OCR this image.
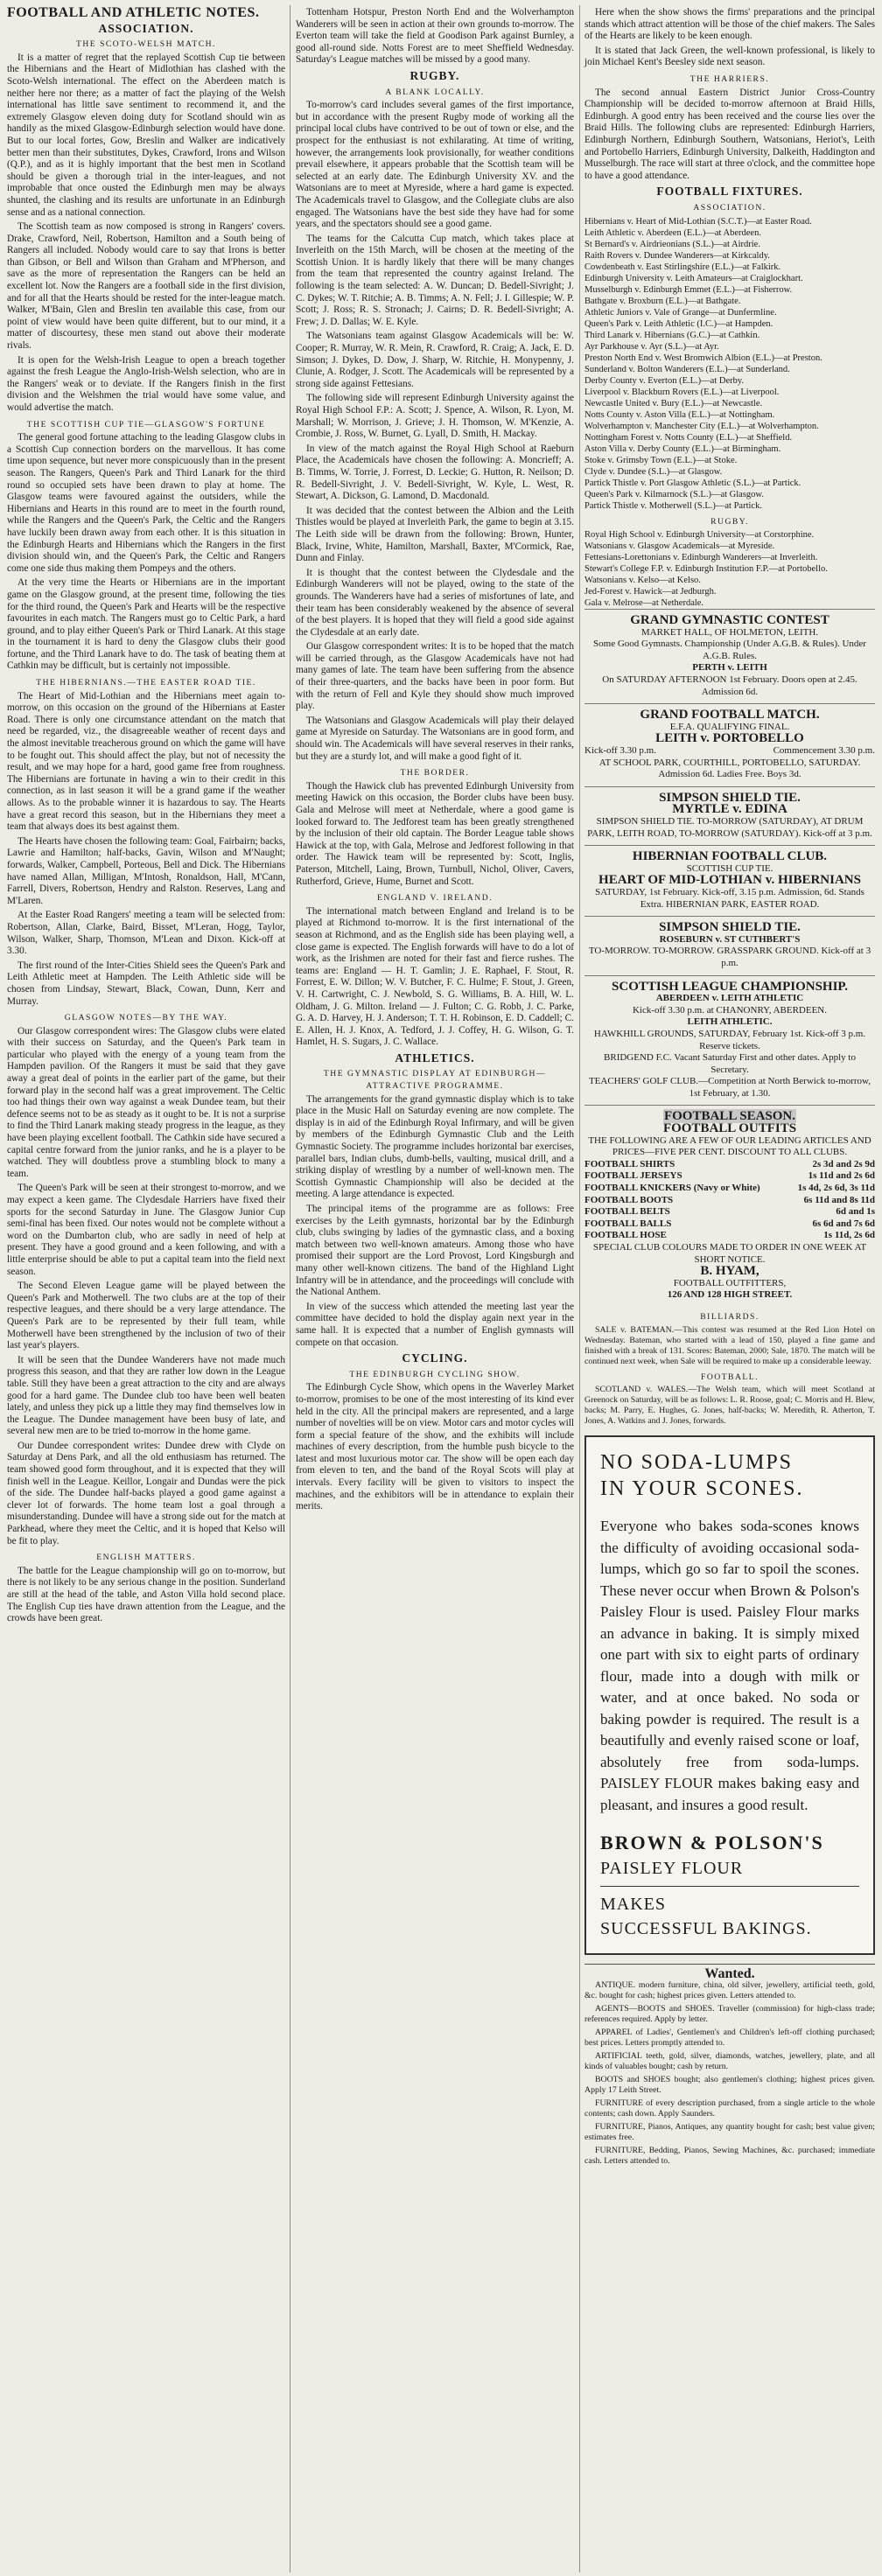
FOOTBALL AND ATHLETIC NOTES.
ASSOCIATION.
THE SCOTO-WELSH MATCH.

It is a matter of regret that the replayed Scottish Cup tie between the Hibernians and the Heart of Midlothian has clashed with the Scoto-Welsh international. The effect on the Aberdeen match is neither here nor there; as a matter of fact the playing of the Welsh international has little save sentiment to recommend it, and the extremely Glasgow eleven doing duty for Scotland should win as handily as the mixed Glasgow-Edinburgh selection would have done. But to our local fortes, Gow, Breslin and Walker are indicatively better men than their substitutes, Dykes, Crawford, Irons and Wilson (Q.P.), and as it is highly important that the best men in Scotland should be given a thorough trial in the inter-leagues, and not improbable that once ousted the Edinburgh men may be always shunted, the clashing and its results are unfortunate in an Edinburgh sense and as a national connection.

The Scottish team as now composed is strong in Rangers' covers. Drake, Crawford, Neil, Robertson, Hamilton and a South being of Rangers all included. Nobody would care to say that Irons is better than Gibson, or Bell and Wilson than Graham and M'Pherson, and save as the more of representation the Rangers can be held an excellent lot. Now the Rangers are a football side in the first division, and for all that the Hearts should be rested for the inter-league match. Walker, M'Bain, Glen and Breslin ten available this case, from our point of view would have been quite different, but to our mind, it a matter of discourtesy, these men stand out above their moderate rivals.

It is open for the Welsh-Irish League to open a breach together against the fresh League the Anglo-Irish-Welsh selection, who are in the Rangers' weak or to deviate. If the Rangers finish in the first division and the Welshmen the trial would have some value, and would advertise the match.

THE SCOTTISH CUP TIE—GLASGOW'S FORTUNE

The general good fortune attaching to the leading Glasgow clubs in a Scottish Cup connection borders on the marvellous. It has come time upon sequence, but never more conspicuously than in the present season. The Rangers, Queen's Park and Third Lanark for the third round so occupied sets have been drawn to play at home. The Glasgow teams were favoured against the outsiders, while the Hibernians and Hearts in this round are to meet in the fourth round, while the Rangers and the Queen's Park, the Celtic and the Rangers have luckily been drawn away from each other. It is this situation in the Edinburgh Hearts and Hibernians which the Rangers in the first division should win, and the Queen's Park, the Celtic and Rangers come one side thus making them Pompeys and the others.

At the very time the Hearts or Hibernians are in the important game on the Glasgow ground, at the present time, following the ties for the third round, the Queen's Park and Hearts will be the respective favourites in each match. The Rangers must go to Celtic Park, a hard ground, and to play either Queen's Park or Third Lanark. At this stage in the tournament it is hard to deny the Glasgow clubs their good fortune, and the Third Lanark have to do. The task of beating them at Cathkin may be difficult, but is certainly not impossible.

THE HIBERNIANS.—THE EASTER ROAD TIE.

The Heart of Mid-Lothian and the Hibernians meet again to-morrow, on this occasion on the ground of the Hibernians at Easter Road. There is only one circumstance attendant on the match that need be regarded, viz., the disagreeable weather of recent days and the almost inevitable treacherous ground on which the game will have to be fought out. This should affect the play, but not of necessity the result, and we may hope for a hard, good game free from roughness. The Hibernians are fortunate in having a win to their credit in this connection, as in last season it will be a grand game if the weather allows. As to the probable winner it is hazardous to say. The Hearts have a great record this season, but in the Hibernians they meet a team that always does its best against them.

The Hearts have chosen the following team: Goal, Fairbairn; backs, Lawrie and Hamilton; half-backs, Gavin, Wilson and M'Naught; forwards, Walker, Campbell, Porteous, Bell and Dick. The Hibernians have named Allan, Milligan, M'Intosh, Ronaldson, Hall, M'Cann, Farrell, Divers, Robertson, Hendry and Ralston. Reserves, Lang and M'Laren.

At the Easter Road Rangers' meeting a team will be selected from: Robertson, Allan, Clarke, Baird, Bisset, M'Leran, Hogg, Taylor, Wilson, Walker, Sharp, Thomson, M'Lean and Dixon. Kick-off at 3.30.

The first round of the Inter-Cities Shield sees the Queen's Park and Leith Athletic meet at Hampden. The Leith Athletic side will be chosen from Lindsay, Stewart, Black, Cowan, Dunn, Kerr and Murray.

GLASGOW NOTES—BY THE WAY.

Our Glasgow correspondent wires: The Glasgow clubs were elated with their success on Saturday, and the Queen's Park team in particular who played with the energy of a young team from the Hampden pavilion. Of the Rangers it must be said that they gave away a great deal of points in the earlier part of the game, but their forward play in the second half was a great improvement. The Celtic too had things their own way against a weak Dundee team, but their defence seems not to be as steady as it ought to be. It is not a surprise to find the Third Lanark making steady progress in the league, as they have been playing excellent football. The Cathkin side have secured a capital centre forward from the junior ranks, and he is a player to be watched. They will doubtless prove a stumbling block to many a team.

The Queen's Park will be seen at their strongest to-morrow, and we may expect a keen game. The Clydesdale Harriers have fixed their sports for the second Saturday in June. The Glasgow Junior Cup semi-final has been fixed. Our notes would not be complete without a word on the Dumbarton club, who are sadly in need of help at present. They have a good ground and a keen following, and with a little enterprise should be able to put a capital team into the field next season.

The Second Eleven League game will be played between the Queen's Park and Motherwell. The two clubs are at the top of their respective leagues, and there should be a very large attendance. The Queen's Park are to be represented by their full team, while Motherwell have been strengthened by the inclusion of two of their last year's players.

It will be seen that the Dundee Wanderers have not made much progress this season, and that they are rather low down in the League table. Still they have been a great attraction to the city and are always good for a hard game. The Dundee club too have been well beaten lately, and unless they pick up a little they may find themselves low in the League. The Dundee management have been busy of late, and several new men are to be tried to-morrow in the home game.

Our Dundee correspondent writes: Dundee drew with Clyde on Saturday at Dens Park, and all the old enthusiasm has returned. The team showed good form throughout, and it is expected that they will finish well in the League. Keillor, Longair and Dundas were the pick of the side. The Dundee half-backs played a good game against a clever lot of forwards. The home team lost a goal through a misunderstanding. Dundee will have a strong side out for the match at Parkhead, where they meet the Celtic, and it is hoped that Kelso will be fit to play.

ENGLISH MATTERS.

The battle for the League championship will go on to-morrow, but there is not likely to be any serious change in the position. Sunderland are still at the head of the table, and Aston Villa hold second place. The English Cup ties have drawn attention from the League, and the crowds have been great.

Tottenham Hotspur, Preston North End and the Wolverhampton Wanderers will be seen in action at their own grounds to-morrow. The Everton team will take the field at Goodison Park against Burnley, a good all-round side. Notts Forest are to meet Sheffield Wednesday. Saturday's League matches will be missed by a good many.

RUGBY.
A BLANK LOCALLY.

To-morrow's card includes several games of the first importance, but in accordance with the present Rugby mode of working all the principal local clubs have contrived to be out of town or else, and the prospect for the enthusiast is not exhilarating. At time of writing, however, the arrangements look provisionally, for weather conditions prevail elsewhere, it appears probable that the Scottish team will be selected at an early date. The Edinburgh University XV. and the Watsonians are to meet at Myreside, where a hard game is expected. The Academicals travel to Glasgow, and the Collegiate clubs are also engaged. The Watsonians have the best side they have had for some years, and the spectators should see a good game.

The teams for the Calcutta Cup match, which takes place at Inverleith on the 15th March, will be chosen at the meeting of the Scottish Union. It is hardly likely that there will be many changes from the team that represented the country against Ireland. The following is the team selected: A. W. Duncan; D. Bedell-Sivright; J. C. Dykes; W. T. Ritchie; A. B. Timms; A. N. Fell; J. I. Gillespie; W. P. Scott; J. Ross; R. S. Stronach; J. Cairns; D. R. Bedell-Sivright; A. Frew; J. D. Dallas; W. E. Kyle.

The Watsonians team against Glasgow Academicals will be: W. Cooper; R. Murray, W. R. Mein, R. Crawford, R. Craig; A. Jack, E. D. Simson; J. Dykes, D. Dow, J. Sharp, W. Ritchie, H. Monypenny, J. Clunie, A. Rodger, J. Scott. The Academicals will be represented by a strong side against Fettesians.

The following side will represent Edinburgh University against the Royal High School F.P.: A. Scott; J. Spence, A. Wilson, R. Lyon, M. Marshall; W. Morrison, J. Grieve; J. H. Thomson, W. M'Kenzie, A. Crombie, J. Ross, W. Burnet, G. Lyall, D. Smith, H. Mackay.

In view of the match against the Royal High School at Raeburn Place, the Academicals have chosen the following: A. Moncrieff; A. B. Timms, W. Torrie, J. Forrest, D. Leckie; G. Hutton, R. Neilson; D. R. Bedell-Sivright, J. V. Bedell-Sivright, W. Kyle, L. West, R. Stewart, A. Dickson, G. Lamond, D. Macdonald.

It was decided that the contest between the Albion and the Leith Thistles would be played at Inverleith Park, the game to begin at 3.15. The Leith side will be drawn from the following: Brown, Hunter, Black, Irvine, White, Hamilton, Marshall, Baxter, M'Cormick, Rae, Dunn and Finlay.

It is thought that the contest between the Clydesdale and the Edinburgh Wanderers will not be played, owing to the state of the grounds. The Wanderers have had a series of misfortunes of late, and their team has been considerably weakened by the absence of several of the best players. It is hoped that they will field a good side against the Clydesdale at an early date.

Our Glasgow correspondent writes: It is to be hoped that the match will be carried through, as the Glasgow Academicals have not had many games of late. The team have been suffering from the absence of their three-quarters, and the backs have been in poor form. But with the return of Fell and Kyle they should show much improved play.

The Watsonians and Glasgow Academicals will play their delayed game at Myreside on Saturday. The Watsonians are in good form, and should win. The Academicals will have several reserves in their ranks, but they are a sturdy lot, and will make a good fight of it.

THE BORDER.

Though the Hawick club has prevented Edinburgh University from meeting Hawick on this occasion, the Border clubs have been busy. Gala and Melrose will meet at Netherdale, where a good game is looked forward to. The Jedforest team has been greatly strengthened by the inclusion of their old captain. The Border League table shows Hawick at the top, with Gala, Melrose and Jedforest following in that order. The Hawick team will be represented by: Scott, Inglis, Paterson, Mitchell, Laing, Brown, Turnbull, Nichol, Oliver, Cavers, Rutherford, Grieve, Hume, Burnet and Scott.

ENGLAND V. IRELAND.

The international match between England and Ireland is to be played at Richmond to-morrow. It is the first international of the season at Richmond, and as the English side has been playing well, a close game is expected. The English forwards will have to do a lot of work, as the Irishmen are noted for their fast and fierce rushes. The teams are: England — H. T. Gamlin; J. E. Raphael, F. Stout, R. Forrest, E. W. Dillon; W. V. Butcher, F. C. Hulme; F. Stout, J. Green, V. H. Cartwright, C. J. Newbold, S. G. Williams, B. A. Hill, W. L. Oldham, J. G. Milton. Ireland — J. Fulton; C. G. Robb, J. C. Parke, G. A. D. Harvey, H. J. Anderson; T. T. H. Robinson, E. D. Caddell; C. E. Allen, H. J. Knox, A. Tedford, J. J. Coffey, H. G. Wilson, G. T. Hamlet, H. S. Sugars, J. C. Wallace.

ATHLETICS.
THE GYMNASTIC DISPLAY AT EDINBURGH—ATTRACTIVE PROGRAMME.

The arrangements for the grand gymnastic display which is to take place in the Music Hall on Saturday evening are now complete. The display is in aid of the Edinburgh Royal Infirmary, and will be given by members of the Edinburgh Gymnastic Club and the Leith Gymnastic Society. The programme includes horizontal bar exercises, parallel bars, Indian clubs, dumb-bells, vaulting, musical drill, and a striking display of wrestling by a number of well-known men. The Scottish Gymnastic Championship will also be decided at the meeting. A large attendance is expected.

The principal items of the programme are as follows: Free exercises by the Leith gymnasts, horizontal bar by the Edinburgh club, clubs swinging by ladies of the gymnastic class, and a boxing match between two well-known amateurs. Among those who have promised their support are the Lord Provost, Lord Kingsburgh and many other well-known citizens. The band of the Highland Light Infantry will be in attendance, and the proceedings will conclude with the National Anthem.

In view of the success which attended the meeting last year the committee have decided to hold the display again next year in the same hall. It is expected that a number of English gymnasts will compete on that occasion.

CYCLING.
THE EDINBURGH CYCLING SHOW.

The Edinburgh Cycle Show, which opens in the Waverley Market to-morrow, promises to be one of the most interesting of its kind ever held in the city. All the principal makers are represented, and a large number of novelties will be on view. Motor cars and motor cycles will form a special feature of the show, and the exhibits will include machines of every description, from the humble push bicycle to the latest and most luxurious motor car. The show will be open each day from eleven to ten, and the band of the Royal Scots will play at intervals. Every facility will be given to visitors to inspect the machines, and the exhibitors will be in attendance to explain their merits.

Here when the show shows the firms' preparations and the principal stands which attract attention will be those of the chief makers. The Sales of the Hearts are likely to be keen enough.

It is stated that Jack Green, the well-known professional, is likely to join Michael Kent's Beesley side next season.

THE HARRIERS.

The second annual Eastern District Junior Cross-Country Championship will be decided to-morrow afternoon at Braid Hills, Edinburgh. A good entry has been received and the course lies over the Braid Hills. The following clubs are represented: Edinburgh Harriers, Edinburgh Northern, Edinburgh Southern, Watsonians, Heriot's, Leith and Portobello Harriers, Edinburgh University, Dalkeith, Haddington and Musselburgh. The race will start at three o'clock, and the committee hope to have a good attendance.

FOOTBALL FIXTURES.
ASSOCIATION.
Hibernians v. Heart of Mid-Lothian (S.C.T.)—at Easter Road.
Leith Athletic v. Aberdeen (E.L.)—at Aberdeen.
St Bernard's v. Airdrieonians (S.L.)—at Airdrie.
Raith Rovers v. Dundee Wanderers—at Kirkcaldy.
Cowdenbeath v. East Stirlingshire (E.L.)—at Falkirk.
Edinburgh University v. Leith Amateurs—at Craiglockhart.
Musselburgh v. Edinburgh Emmet (E.L.)—at Fisherrow.
Bathgate v. Broxburn (E.L.)—at Bathgate.
Athletic Juniors v. Vale of Grange—at Dunfermline.
Queen's Park v. Leith Athletic (I.C.)—at Hampden.
Third Lanark v. Hibernians (G.C.)—at Cathkin.
Ayr Parkhouse v. Ayr (S.L.)—at Ayr.
Preston North End v. West Bromwich Albion (E.L.)—at Preston.
Sunderland v. Bolton Wanderers (E.L.)—at Sunderland.
Derby County v. Everton (E.L.)—at Derby.
Liverpool v. Blackburn Rovers (E.L.)—at Liverpool.
Newcastle United v. Bury (E.L.)—at Newcastle.
Notts County v. Aston Villa (E.L.)—at Nottingham.
Wolverhampton v. Manchester City (E.L.)—at Wolverhampton.
Nottingham Forest v. Notts County (E.L.)—at Sheffield.
Aston Villa v. Derby County (E.L.)—at Birmingham.
Stoke v. Grimsby Town (E.L.)—at Stoke.
Clyde v. Dundee (S.L.)—at Glasgow.
Partick Thistle v. Port Glasgow Athletic (S.L.)—at Partick.
Queen's Park v. Kilmarnock (S.L.)—at Glasgow.
Partick Thistle v. Motherwell (S.L.)—at Partick.
RUGBY.
Royal High School v. Edinburgh University—at Corstorphine.
Watsonians v. Glasgow Academicals—at Myreside.
Fettesians-Lorettonians v. Edinburgh Wanderers—at Inverleith.
Stewart's College F.P. v. Edinburgh Institution F.P.—at Portobello.
Watsonians v. Kelso—at Kelso.
Jed-Forest v. Hawick—at Jedburgh.
Gala v. Melrose—at Netherdale.
GRAND GYMNASTIC CONTEST
MARKET HALL, OF HOLMETON, LEITH.
Some Good Gymnasts. Championship (Under A.G.B. & Rules). Under A.G.B. Rules.
PERTH v. LEITH
On SATURDAY AFTERNOON 1st February. Doors open at 2.45. Admission 6d.
GRAND FOOTBALL MATCH.
E.F.A. QUALIFYING FINAL.
LEITH v. PORTOBELLO
Kick-off 3.30 p.m.	Commencement 3.30 p.m.
AT SCHOOL PARK, COURTHILL, PORTOBELLO, SATURDAY. Admission 6d. Ladies Free. Boys 3d.
SIMPSON SHIELD TIE.
MYRTLE v. EDINA
SIMPSON SHIELD TIE. TO-MORROW (SATURDAY), AT DRUM PARK, LEITH ROAD, TO-MORROW (SATURDAY). Kick-off at 3 p.m.
HIBERNIAN FOOTBALL CLUB.
SCOTTISH CUP TIE.
HEART OF MID-LOTHIAN v. HIBERNIANS
SATURDAY, 1st February. Kick-off, 3.15 p.m. Admission, 6d. Stands Extra. HIBERNIAN PARK, EASTER ROAD.
SIMPSON SHIELD TIE.
ROSEBURN v. ST CUTHBERT'S
TO-MORROW. TO-MORROW. GRASSPARK GROUND. Kick-off at 3 p.m.
SCOTTISH LEAGUE CHAMPIONSHIP.
ABERDEEN v. LEITH ATHLETIC
Kick-off 3.30 p.m. at CHANONRY, ABERDEEN.
LEITH ATHLETIC.
HAWKHILL GROUNDS, SATURDAY, February 1st. Kick-off 3 p.m. Reserve tickets.
BRIDGEND F.C. Vacant Saturday First and other dates. Apply to Secretary.
TEACHERS' GOLF CLUB.—Competition at North Berwick to-morrow, 1st February, at 1.30.
FOOTBALL SEASON.
FOOTBALL OUTFITS
THE FOLLOWING ARE A FEW OF OUR LEADING ARTICLES AND PRICES—FIVE PER CENT. DISCOUNT TO ALL CLUBS.
FOOTBALL SHIRTS	2s 3d and 2s 9d
FOOTBALL JERSEYS	1s 11d and 2s 6d
FOOTBALL KNICKERS (Navy or White)	1s 4d, 2s 6d, 3s 11d
FOOTBALL BOOTS	6s 11d and 8s 11d
FOOTBALL BELTS	6d and 1s
FOOTBALL BALLS	6s 6d and 7s 6d
FOOTBALL HOSE	1s 11d, 2s 6d
SPECIAL CLUB COLOURS MADE TO ORDER IN ONE WEEK AT SHORT NOTICE.
B. HYAM,
FOOTBALL OUTFITTERS,
126 AND 128 HIGH STREET.
BILLIARDS.

SALE v. BATEMAN.—This contest was resumed at the Red Lion Hotel on Wednesday. Bateman, who started with a lead of 150, played a fine game and finished with a break of 131. Scores: Bateman, 2000; Sale, 1870. The match will be continued next week, when Sale will be required to make up a considerable leeway.

FOOTBALL.

SCOTLAND v. WALES.—The Welsh team, which will meet Scotland at Greenock on Saturday, will be as follows: L. R. Roose, goal; C. Morris and H. Blew, backs; M. Parry, E. Hughes, G. Jones, half-backs; W. Meredith, R. Atherton, T. Jones, A. Watkins and J. Jones, forwards.

NO SODA-LUMPS
IN YOUR SCONES.
Everyone who bakes soda-scones knows the difficulty of avoiding occasional soda-lumps, which go so far to spoil the scones. These never occur when Brown & Polson's Paisley Flour is used. Paisley Flour marks an advance in baking. It is simply mixed one part with six to eight parts of ordinary flour, made into a dough with milk or water, and at once baked. No soda or baking powder is required. The result is a beautifully and evenly raised scone or loaf, absolutely free from soda-lumps. PAISLEY FLOUR makes baking easy and pleasant, and insures a good result.
BROWN & POLSON'S
PAISLEY FLOUR
MAKES
SUCCESSFUL BAKINGS.
Wanted.

ANTIQUE. modern furniture, china, old silver, jewellery, artificial teeth, gold, &c. bought for cash; highest prices given. Letters attended to.

AGENTS—BOOTS and SHOES. Traveller (commission) for high-class trade; references required. Apply by letter.

APPAREL of Ladies', Gentlemen's and Children's left-off clothing purchased; best prices. Letters promptly attended to.

ARTIFICIAL teeth, gold, silver, diamonds, watches, jewellery, plate, and all kinds of valuables bought; cash by return.

BOOTS and SHOES bought; also gentlemen's clothing; highest prices given. Apply 17 Leith Street.

FURNITURE of every description purchased, from a single article to the whole contents; cash down. Apply Saunders.

FURNITURE, Pianos, Antiques, any quantity bought for cash; best value given; estimates free.

FURNITURE, Bedding, Pianos, Sewing Machines, &c. purchased; immediate cash. Letters attended to.
